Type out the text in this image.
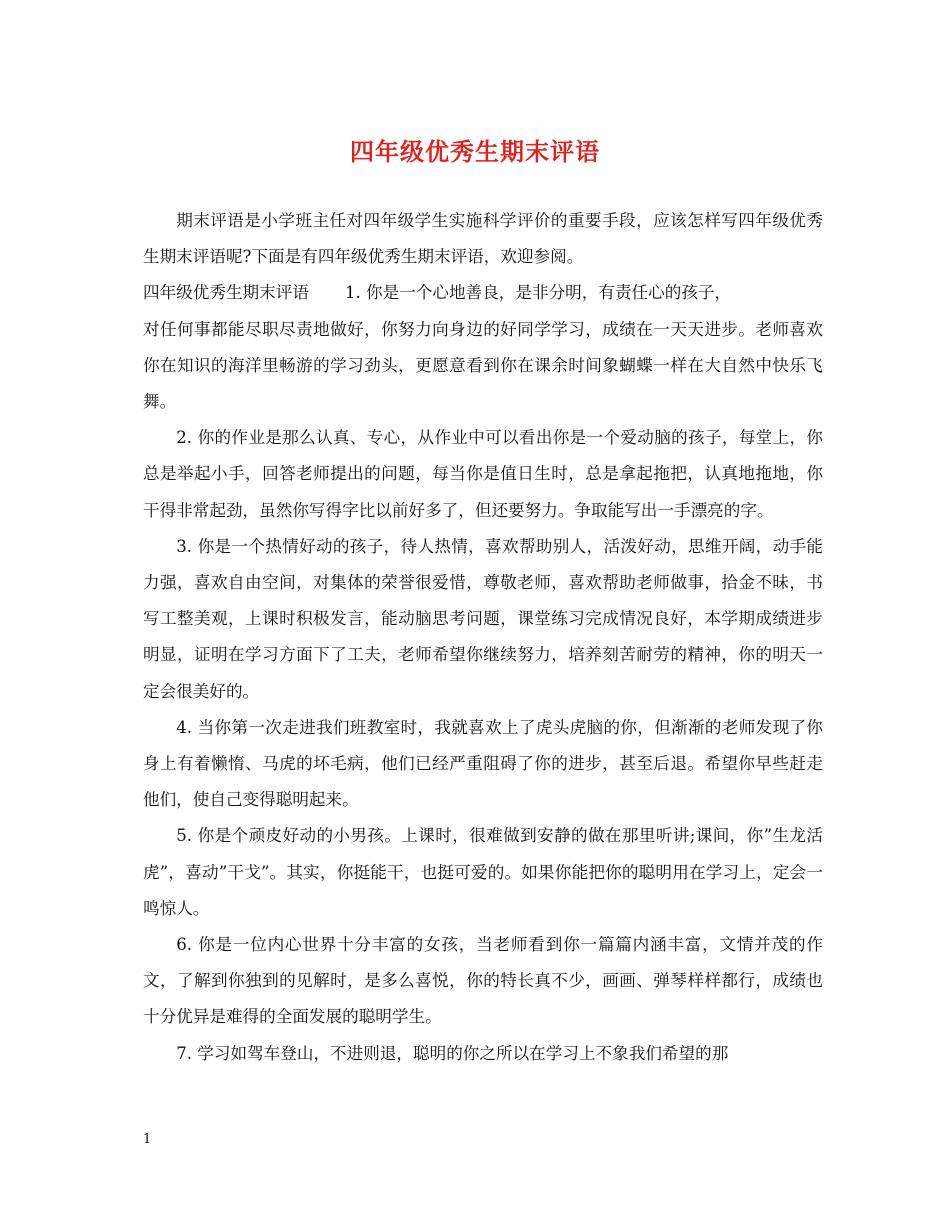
四年级优秀生期末评语

期末评语是小学班主任对四年级学生实施科学评价的重要手段，应该怎样写四年级优秀生期末评语呢?下面是有四年级优秀生期末评语，欢迎参阅。

四年级优秀生期末评语 1. 你是一个心地善良，是非分明，有责任心的孩子，

对任何事都能尽职尽责地做好，你努力向身边的好同学学习，成绩在一天天进步。老师喜欢你在知识的海洋里畅游的学习劲头，更愿意看到你在课余时间象蝴蝶一样在大自然中快乐飞舞。

2. 你的作业是那么认真、专心，从作业中可以看出你是一个爱动脑的孩子，每堂上，你总是举起小手，回答老师提出的问题，每当你是值日生时，总是拿起拖把，认真地拖地，你干得非常起劲，虽然你写得字比以前好多了，但还要努力。争取能写出一手漂亮的字。

3. 你是一个热情好动的孩子，待人热情，喜欢帮助别人，活泼好动，思维开阔，动手能力强，喜欢自由空间，对集体的荣誉很爱惜，尊敬老师，喜欢帮助老师做事，拾金不昧，书写工整美观，上课时积极发言，能动脑思考问题，课堂练习完成情况良好，本学期成绩进步明显，证明在学习方面下了工夫，老师希望你继续努力，培养刻苦耐劳的精神，你的明天一定会很美好的。

4. 当你第一次走进我们班教室时，我就喜欢上了虎头虎脑的你，但渐渐的老师发现了你身上有着懒惰、马虎的坏毛病，他们已经严重阻碍了你的进步，甚至后退。希望你早些赶走他们，使自己变得聪明起来。

5. 你是个顽皮好动的小男孩。上课时，很难做到安静的做在那里听讲;课间，你”生龙活虎”，喜动”干戈”。其实，你挺能干，也挺可爱的。如果你能把你的聪明用在学习上，定会一鸣惊人。

6. 你是一位内心世界十分丰富的女孩，当老师看到你一篇篇内涵丰富，文情并茂的作文，了解到你独到的见解时，是多么喜悦，你的特长真不少，画画、弹琴样样都行，成绩也十分优异是难得的全面发展的聪明学生。

7. 学习如驾车登山，不进则退，聪明的你之所以在学习上不象我们希望的那

1
